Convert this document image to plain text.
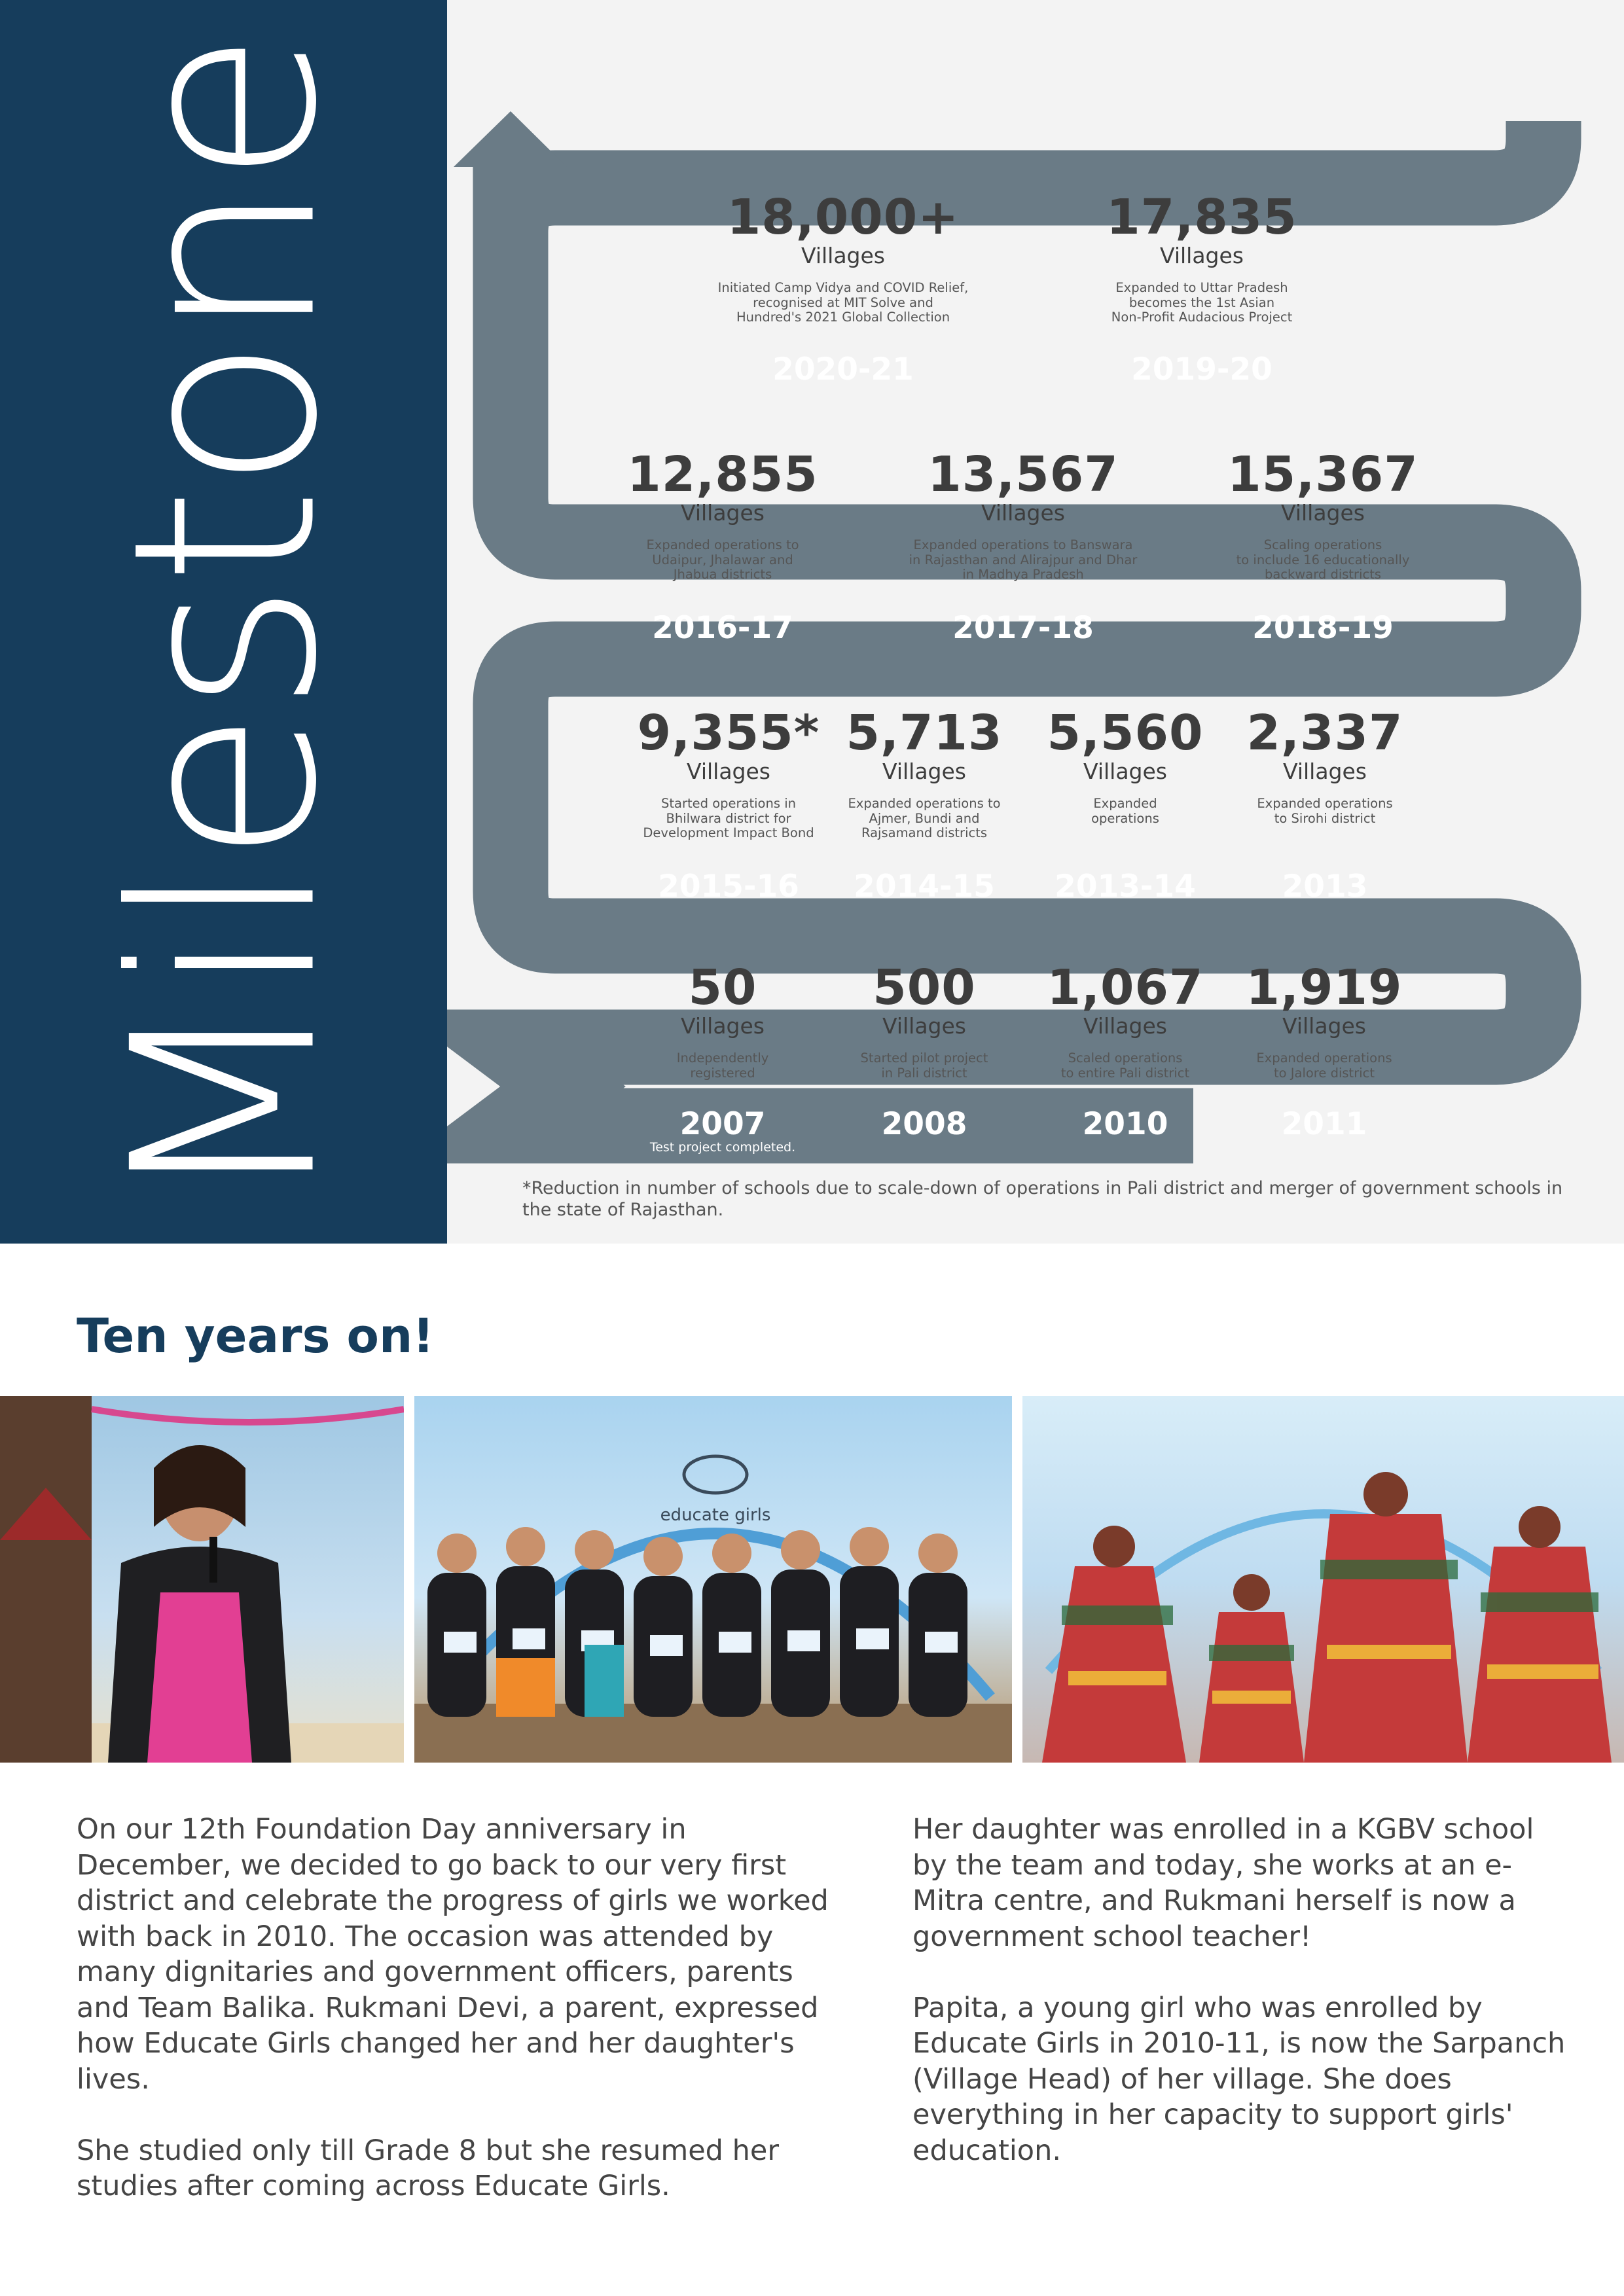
Milestone	18,000+
Villages
Initiated Camp Vidya and COVID Relief,
recognised at MIT Solve and
Hundred's 2021 Global Collection
2020-21
17,835
Villages
Expanded to Uttar Pradesh
becomes the 1st Asian
Non-Profit Audacious Project
2019-20
12,855
Villages
Expanded operations to
Udaipur, Jhalawar and
Jhabua districts
2016-17
13,567
Villages
Expanded operations to Banswara
in Rajasthan and Alirajpur and Dhar
in Madhya Pradesh
2017-18
15,367
Villages
Scaling operations
to include 16 educationally
backward districts
2018-19
9,355*
Villages
Started operations in
Bhilwara district for
Development Impact Bond
2015-16
5,713
Villages
Expanded operations to
Ajmer, Bundi and
Rajsamand districts
2014-15
5,560
Villages
Expanded
operations
2013-14
2,337
Villages
Expanded operations
to Sirohi district
2013
50
Villages
Independently
registered
2007
Test project completed.
500
Villages
Started pilot project
in Pali district
2008
1,067
Villages
Scaled operations
to entire Pali district
2010
1,919
Villages
Expanded operations
to Jalore district
2011
*Reduction in number of schools due to scale-down of operations in Pali district and merger of government schools in the state of Rajasthan.
Ten years on!
educate girls

On our 12th Foundation Day anniversary in December, we decided to go back to our very first district and celebrate the progress of girls we worked with back in 2010. The occasion was attended by many dignitaries and government officers, parents and Team Balika. Rukmani Devi, a parent, expressed how Educate Girls changed her and her daughter's lives.

She studied only till Grade 8 but she resumed her studies after coming across Educate Girls.

Her daughter was enrolled in a KGBV school by the team and today, she works at an e-Mitra centre, and Rukmani herself is now a government school teacher!

Papita, a young girl who was enrolled by Educate Girls in 2010-11, is now the Sarpanch (Village Head) of her village. She does everything in her capacity to support girls' education.
